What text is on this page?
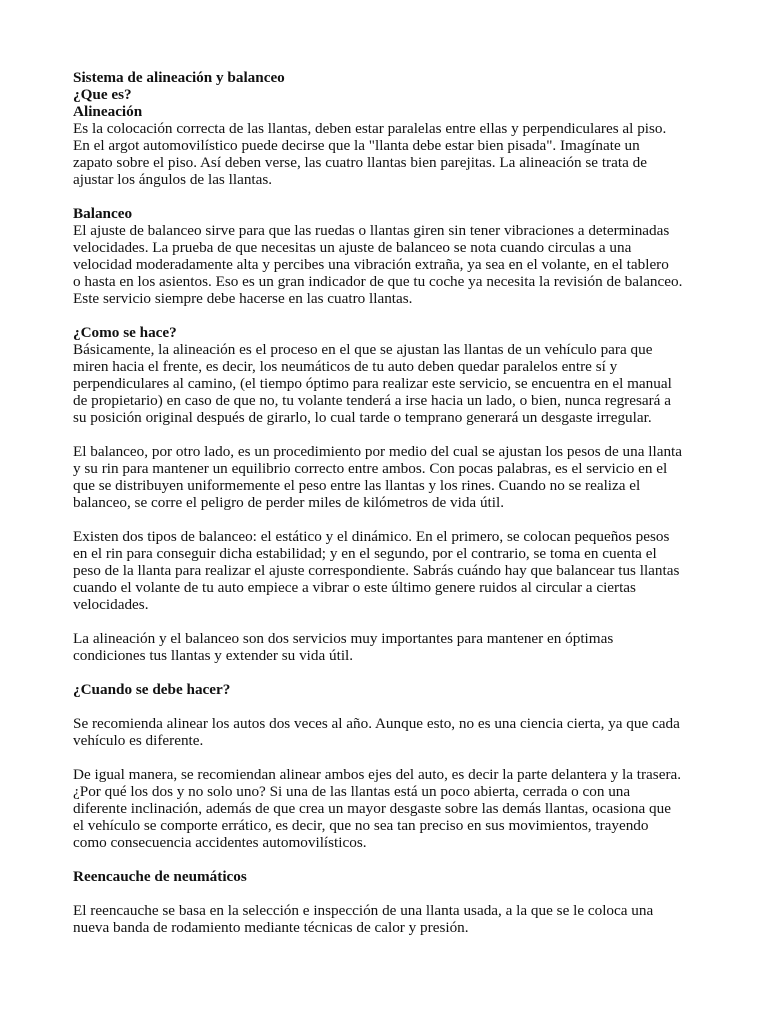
Sistema de alineación y balanceo
¿Que es?
Alineación
Es la colocación correcta de las llantas, deben estar paralelas entre ellas y perpendiculares al piso.
En el argot automovilístico puede decirse que la "llanta debe estar bien pisada". Imagínate un
zapato sobre el piso. Así deben verse, las cuatro llantas bien parejitas. La alineación se trata de
ajustar los ángulos de las llantas.
Balanceo
El ajuste de balanceo sirve para que las ruedas o llantas giren sin tener vibraciones a determinadas
velocidades. La prueba de que necesitas un ajuste de balanceo se nota cuando circulas a una
velocidad moderadamente alta y percibes una vibración extraña, ya sea en el volante, en el tablero
o hasta en los asientos. Eso es un gran indicador de que tu coche ya necesita la revisión de balanceo.
Este servicio siempre debe hacerse en las cuatro llantas.
¿Como se hace?
Básicamente, la alineación es el proceso en el que se ajustan las llantas de un vehículo para que
miren hacia el frente, es decir, los neumáticos de tu auto deben quedar paralelos entre sí y
perpendiculares al camino, (el tiempo óptimo para realizar este servicio, se encuentra en el manual
de propietario) en caso de que no, tu volante tenderá a irse hacia un lado, o bien, nunca regresará a
su posición original después de girarlo, lo cual tarde o temprano generará un desgaste irregular.
El balanceo, por otro lado, es un procedimiento por medio del cual se ajustan los pesos de una llanta
y su rin para mantener un equilibrio correcto entre ambos. Con pocas palabras, es el servicio en el
que se distribuyen uniformemente el peso entre las llantas y los rines. Cuando no se realiza el
balanceo, se corre el peligro de perder miles de kilómetros de vida útil.
Existen dos tipos de balanceo: el estático y el dinámico. En el primero, se colocan pequeños pesos
en el rin para conseguir dicha estabilidad; y en el segundo, por el contrario, se toma en cuenta el
peso de la llanta para realizar el ajuste correspondiente. Sabrás cuándo hay que balancear tus llantas
cuando el volante de tu auto empiece a vibrar o este último genere ruidos al circular a ciertas
velocidades.
La alineación y el balanceo son dos servicios muy importantes para mantener en óptimas
condiciones tus llantas y extender su vida útil.
¿Cuando se debe hacer?
Se recomienda alinear los autos dos veces al año. Aunque esto, no es una ciencia cierta, ya que cada
vehículo es diferente.
De igual manera, se recomiendan alinear ambos ejes del auto, es decir la parte delantera y la trasera.
¿Por qué los dos y no solo uno? Si una de las llantas está un poco abierta, cerrada o con una
diferente inclinación, además de que crea un mayor desgaste sobre las demás llantas, ocasiona que
el vehículo se comporte errático, es decir, que no sea tan preciso en sus movimientos, trayendo
como consecuencia accidentes automovilísticos.
Reencauche de neumáticos
El reencauche se basa en la selección e inspección de una llanta usada, a la que se le coloca una
nueva banda de rodamiento mediante técnicas de calor y presión.
